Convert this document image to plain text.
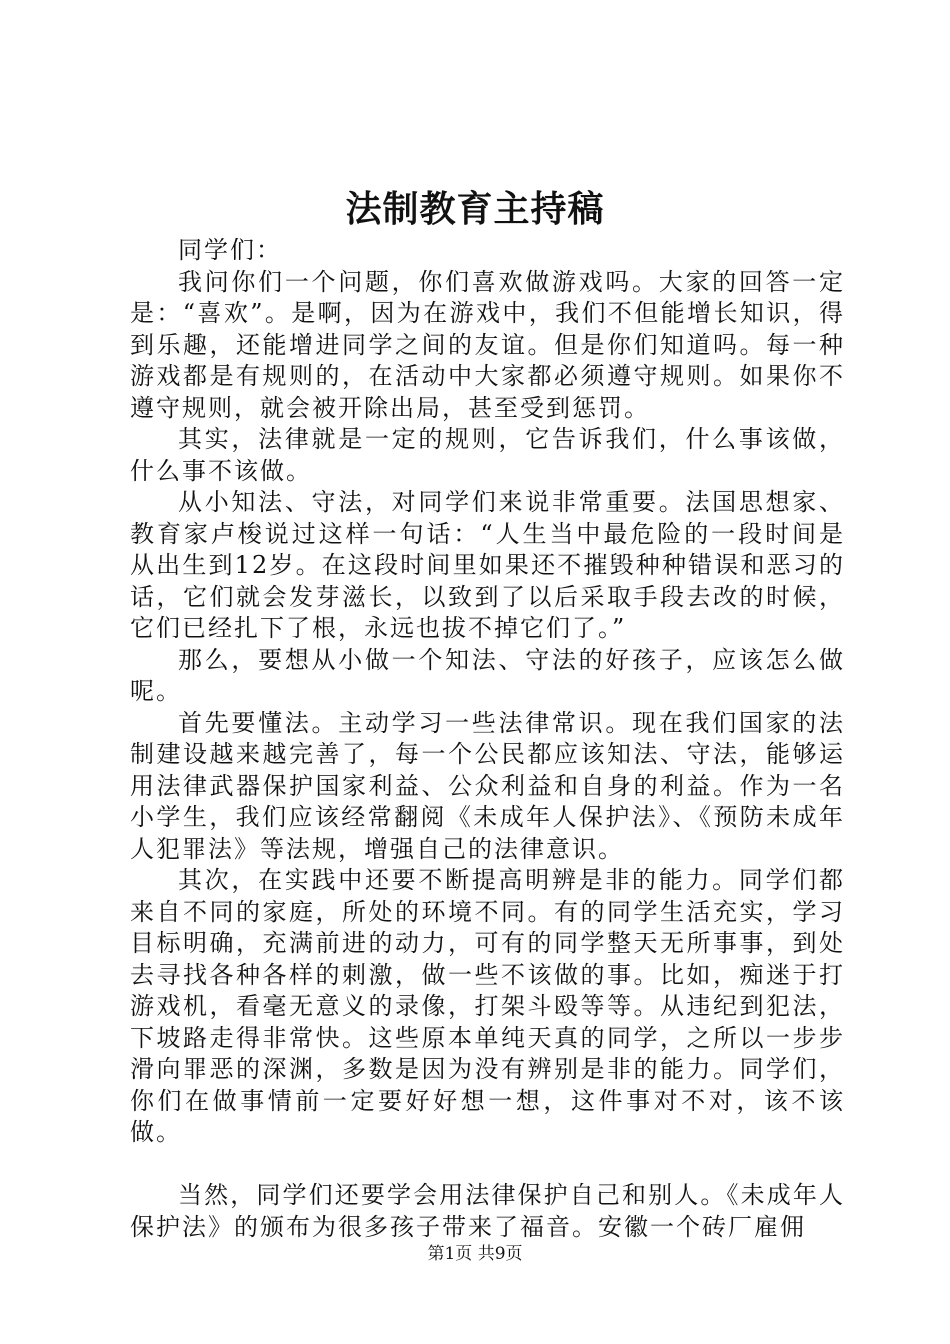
法制教育主持稿

同学们：

我问你们一个问题，你们喜欢做游戏吗。大家的回答一定是：“喜欢”。是啊，因为在游戏中，我们不但能增长知识，得到乐趣，还能增进同学之间的友谊。但是你们知道吗。每一种游戏都是有规则的，在活动中大家都必须遵守规则。如果你不遵守规则，就会被开除出局，甚至受到惩罚。

其实，法律就是一定的规则，它告诉我们，什么事该做，什么事不该做。

从小知法、守法，对同学们来说非常重要。法国思想家、教育家卢梭说过这样一句话：“人生当中最危险的一段时间是从出生到12岁。在这段时间里如果还不摧毁种种错误和恶习的话，它们就会发芽滋长，以致到了以后采取手段去改的时候，它们已经扎下了根，永远也拔不掉它们了。”

那么，要想从小做一个知法、守法的好孩子，应该怎么做呢。

首先要懂法。主动学习一些法律常识。现在我们国家的法制建设越来越完善了，每一个公民都应该知法、守法，能够运用法律武器保护国家利益、公众利益和自身的利益。作为一名小学生，我们应该经常翻阅《未成年人保护法》、《预防未成年人犯罪法》等法规，增强自己的法律意识。

其次，在实践中还要不断提高明辨是非的能力。同学们都来自不同的家庭，所处的环境不同。有的同学生活充实，学习目标明确，充满前进的动力，可有的同学整天无所事事，到处去寻找各种各样的刺激，做一些不该做的事。比如，痴迷于打游戏机，看毫无意义的录像，打架斗殴等等。从违纪到犯法，下坡路走得非常快。这些原本单纯天真的同学，之所以一步步滑向罪恶的深渊，多数是因为没有辨别是非的能力。同学们，你们在做事情前一定要好好想一想，这件事对不对，该不该做。

当然，同学们还要学会用法律保护自己和别人。《未成年人保护法》的颁布为很多孩子带来了福音。安徽一个砖厂雇佣

第1页 共9页
